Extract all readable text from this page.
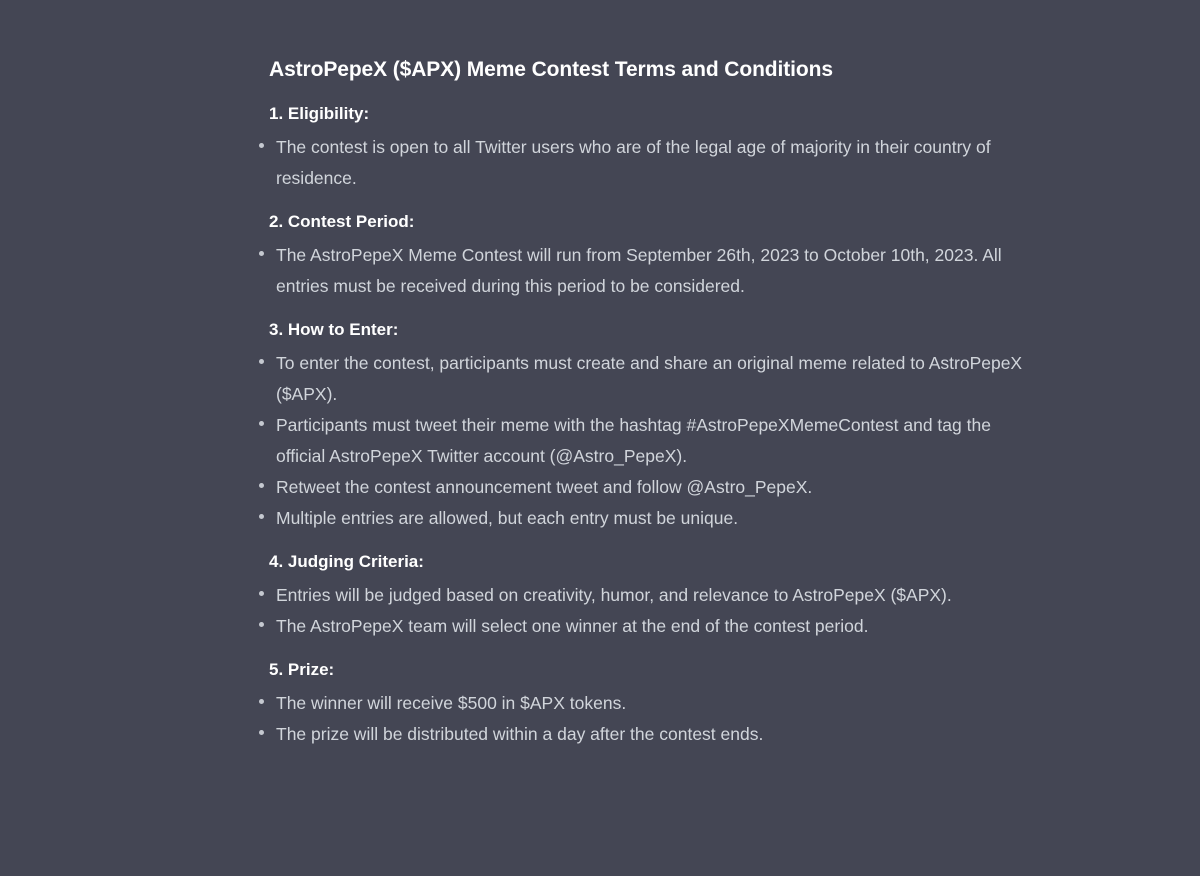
AstroPepeX ($APX) Meme Contest Terms and Conditions
1. Eligibility:
The contest is open to all Twitter users who are of the legal age of majority in their country of residence.
2. Contest Period:
The AstroPepeX Meme Contest will run from September 26th, 2023 to October 10th, 2023. All entries must be received during this period to be considered.
3. How to Enter:
To enter the contest, participants must create and share an original meme related to AstroPepeX ($APX).
Participants must tweet their meme with the hashtag #AstroPepeXMemeContest and tag the official AstroPepeX Twitter account (@Astro_PepeX).
Retweet the contest announcement tweet and follow @Astro_PepeX.
Multiple entries are allowed, but each entry must be unique.
4. Judging Criteria:
Entries will be judged based on creativity, humor, and relevance to AstroPepeX ($APX).
The AstroPepeX team will select one winner at the end of the contest period.
5. Prize:
The winner will receive $500 in $APX tokens.
The prize will be distributed within a day after the contest ends.
